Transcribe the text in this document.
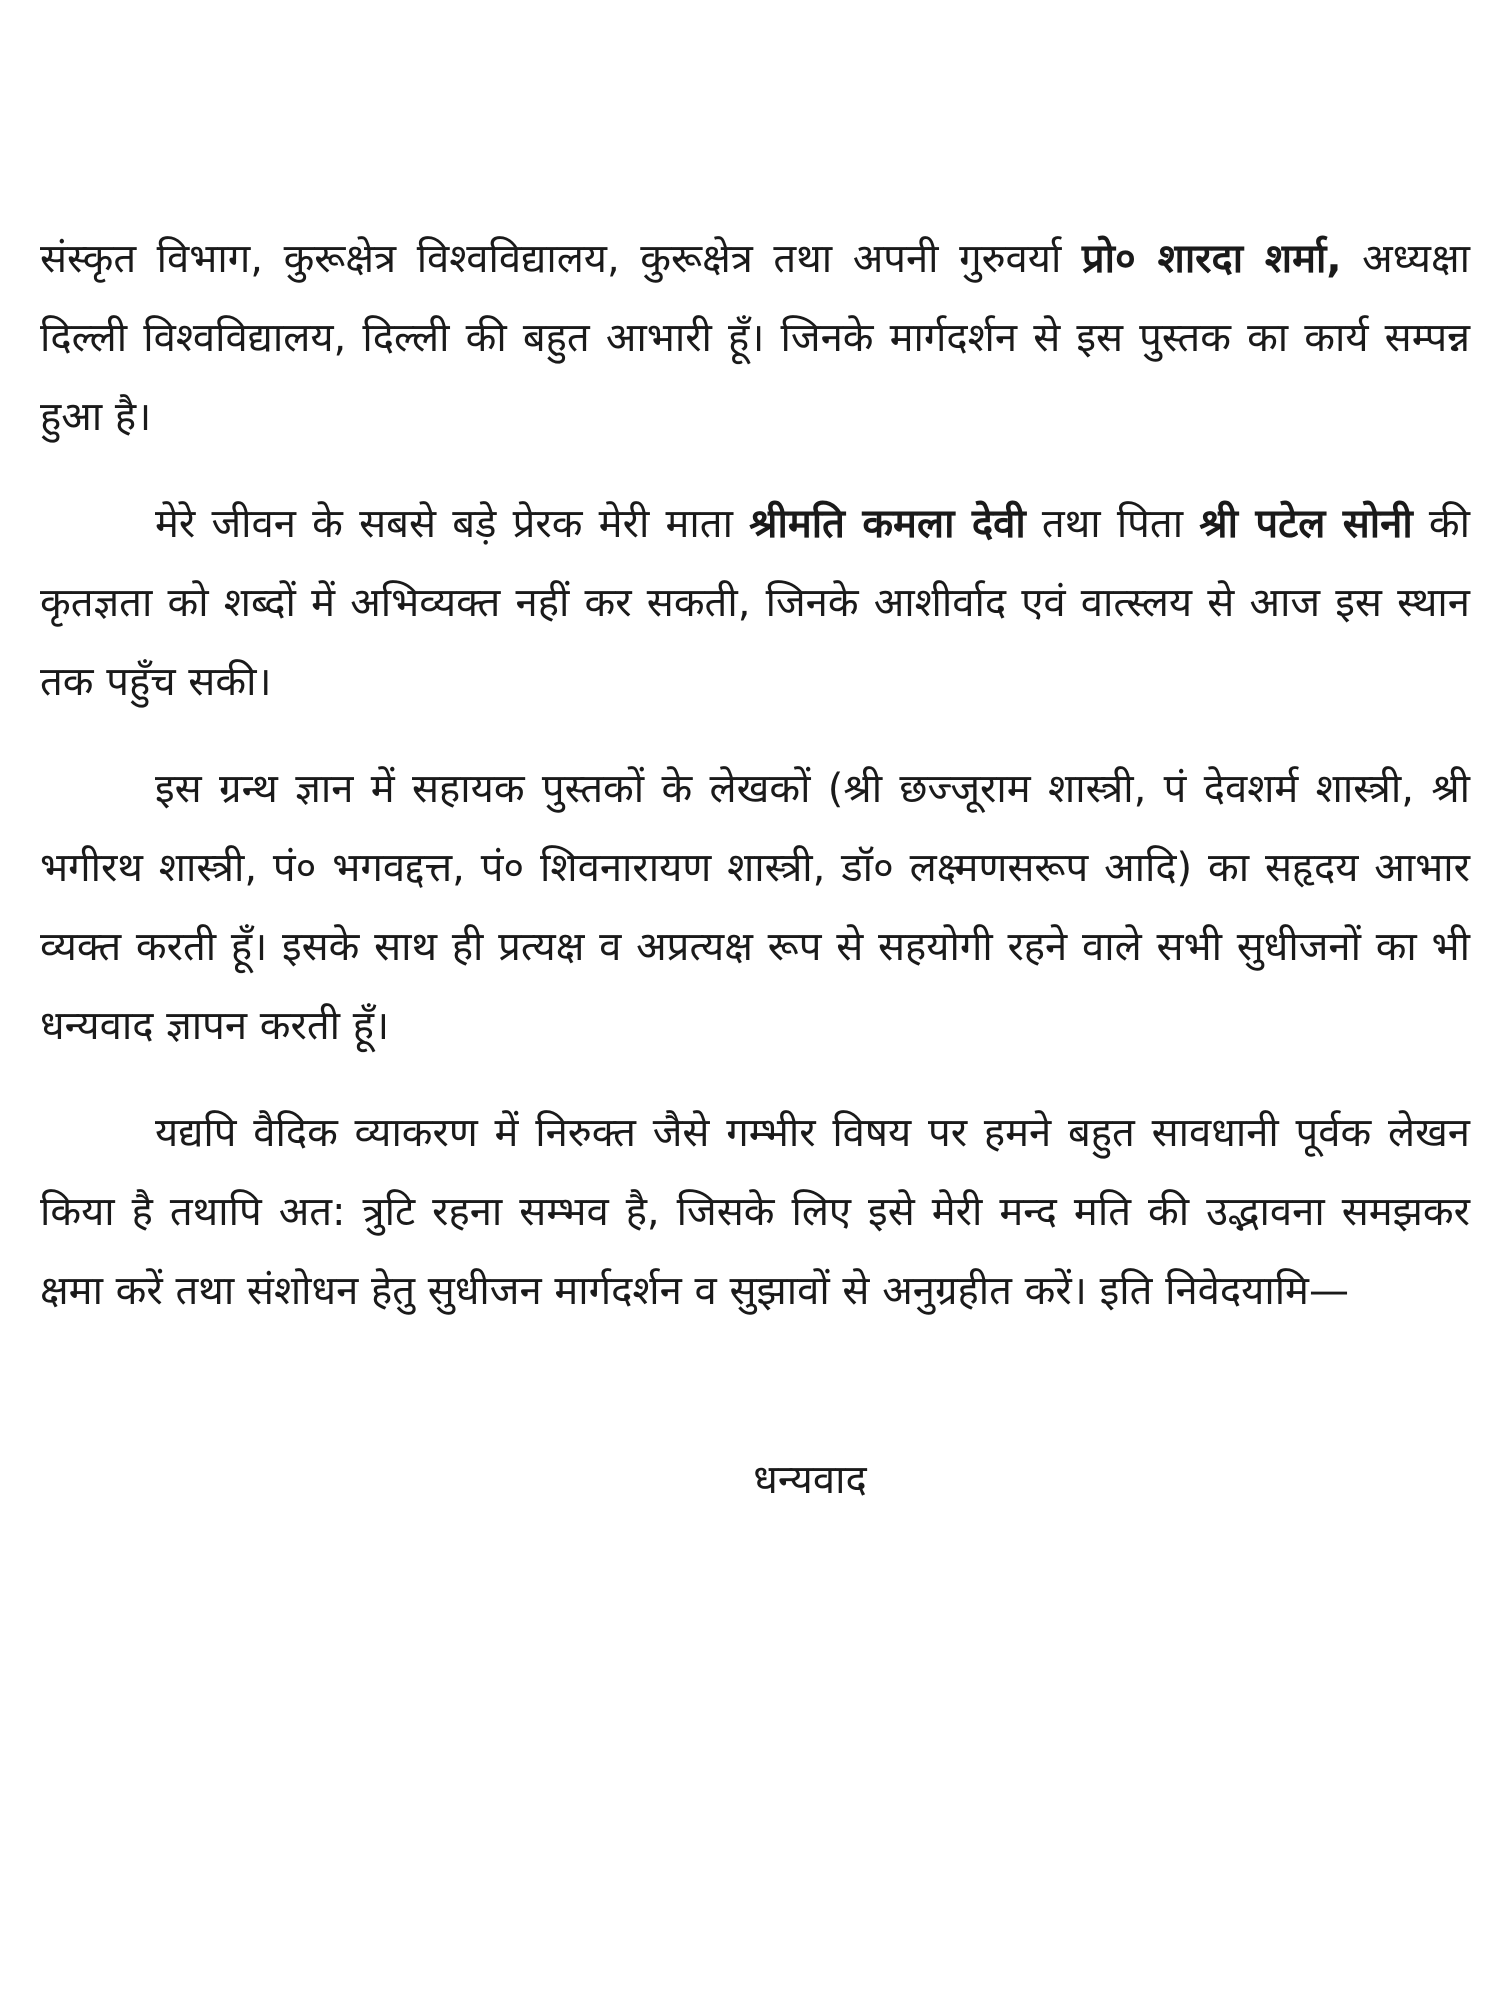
संस्कृत विभाग, कुरूक्षेत्र विश्वविद्यालय, कुरूक्षेत्र तथा अपनी गुरुवर्या प्रो० शारदा शर्मा, अध्यक्षा दिल्ली विश्वविद्यालय, दिल्ली की बहुत आभारी हूँ। जिनके मार्गदर्शन से इस पुस्तक का कार्य सम्पन्न हुआ है।

मेरे जीवन के सबसे बड़े प्रेरक मेरी माता श्रीमति कमला देवी तथा पिता श्री पटेल सोनी की कृतज्ञता को शब्दों में अभिव्यक्त नहीं कर सकती, जिनके आशीर्वाद एवं वात्स्लय से आज इस स्थान तक पहुँच सकी।

इस ग्रन्थ ज्ञान में सहायक पुस्तकों के लेखकों (श्री छज्जूराम शास्त्री, पं देवशर्म शास्त्री, श्री भगीरथ शास्त्री, पं० भगवद्दत्त, पं० शिवनारायण शास्त्री, डॉ० लक्ष्मणसरूप आदि) का सहृदय आभार व्यक्त करती हूँ। इसके साथ ही प्रत्यक्ष व अप्रत्यक्ष रूप से सहयोगी रहने वाले सभी सुधीजनों का भी धन्यवाद ज्ञापन करती हूँ।

यद्यपि वैदिक व्याकरण में निरुक्त जैसे गम्भीर विषय पर हमने बहुत सावधानी पूर्वक लेखन किया है तथापि अत: त्रुटि रहना सम्भव है, जिसके लिए इसे मेरी मन्द मति की उद्भावना समझकर क्षमा करें तथा संशोधन हेतु सुधीजन मार्गदर्शन व सुझावों से अनुग्रहीत करें। इति निवेदयामि—

धन्यवाद
